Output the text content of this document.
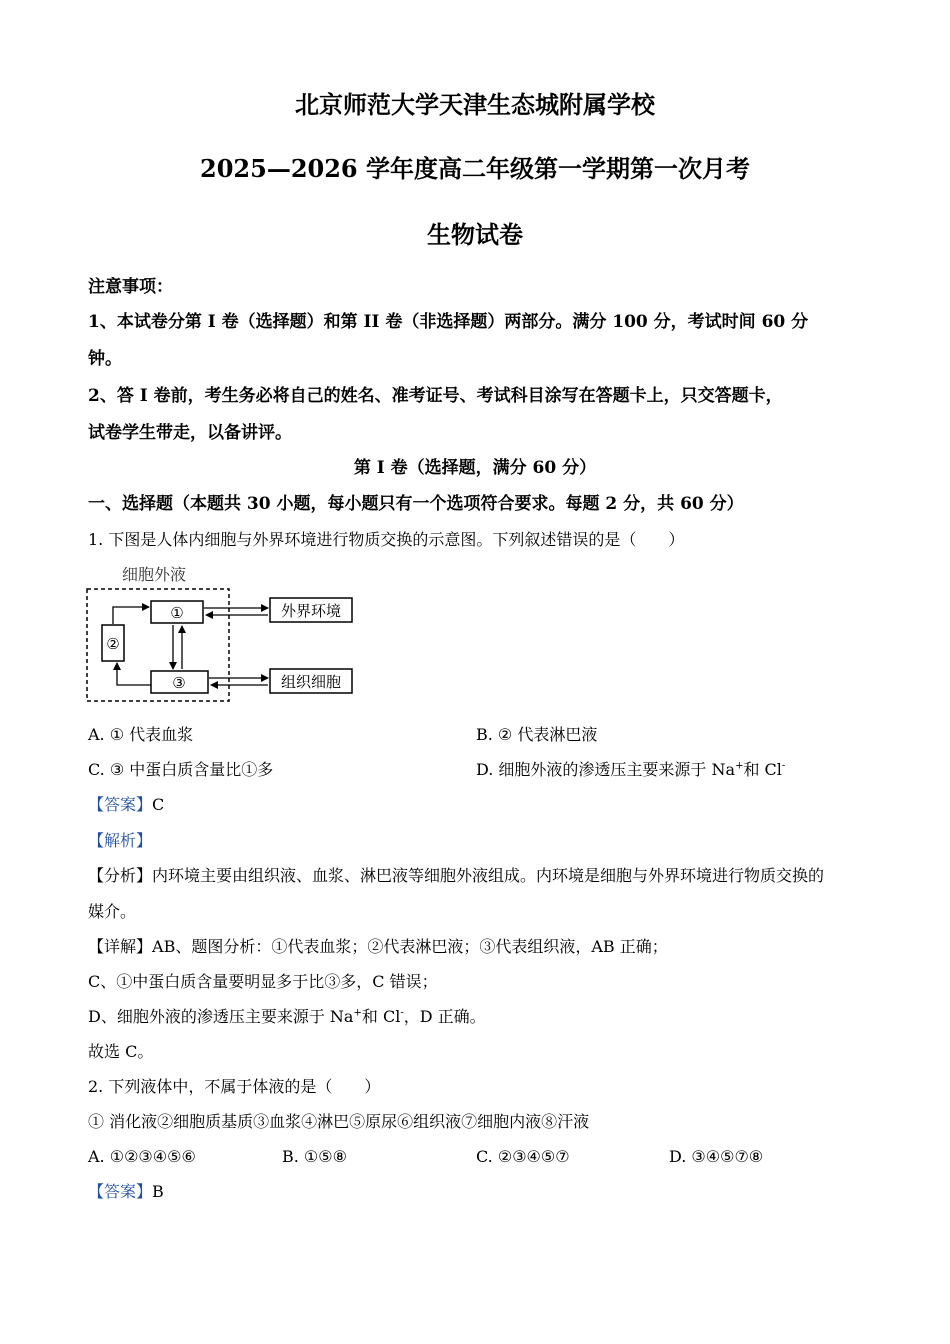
北京师范大学天津生态城附属学校
2025—2026 学年度高二年级第一学期第一次月考
生物试卷
注意事项：
1、本试卷分第 I 卷（选择题）和第 II 卷（非选择题）两部分。满分 100 分，考试时间 60 分
钟。
2、答 I 卷前，考生务必将自己的姓名、准考证号、考试科目涂写在答题卡上，只交答题卡，
试卷学生带走，以备讲评。
第 I 卷（选择题，满分 60 分）
一、选择题（本题共 30 小题，每小题只有一个选项符合要求。每题 2 分，共 60 分）
1. 下图是人体内细胞与外界环境进行物质交换的示意图。下列叙述错误的是（　　）
细胞外液
①
②
③
外界环境
组织细胞
A. ① 代表血浆	B. ② 代表淋巴液
C. ③ 中蛋白质含量比①多	D. 细胞外液的渗透压主要来源于 Na+和 Cl-
【答案】C
【解析】
【分析】内环境主要由组织液、血浆、淋巴液等细胞外液组成。内环境是细胞与外界环境进行物质交换的
媒介。
【详解】AB、题图分析：①代表血浆；②代表淋巴液；③代表组织液，AB 正确；
C、①中蛋白质含量要明显多于比③多，C 错误；
D、细胞外液的渗透压主要来源于 Na+和 Cl-，D 正确。
故选 C。
2. 下列液体中，不属于体液的是（　　）
① 消化液②细胞质基质③血浆④淋巴⑤原尿⑥组织液⑦细胞内液⑧汗液
A. ①②③④⑤⑥	B. ①⑤⑧	C. ②③④⑤⑦	D. ③④⑤⑦⑧
【答案】B
